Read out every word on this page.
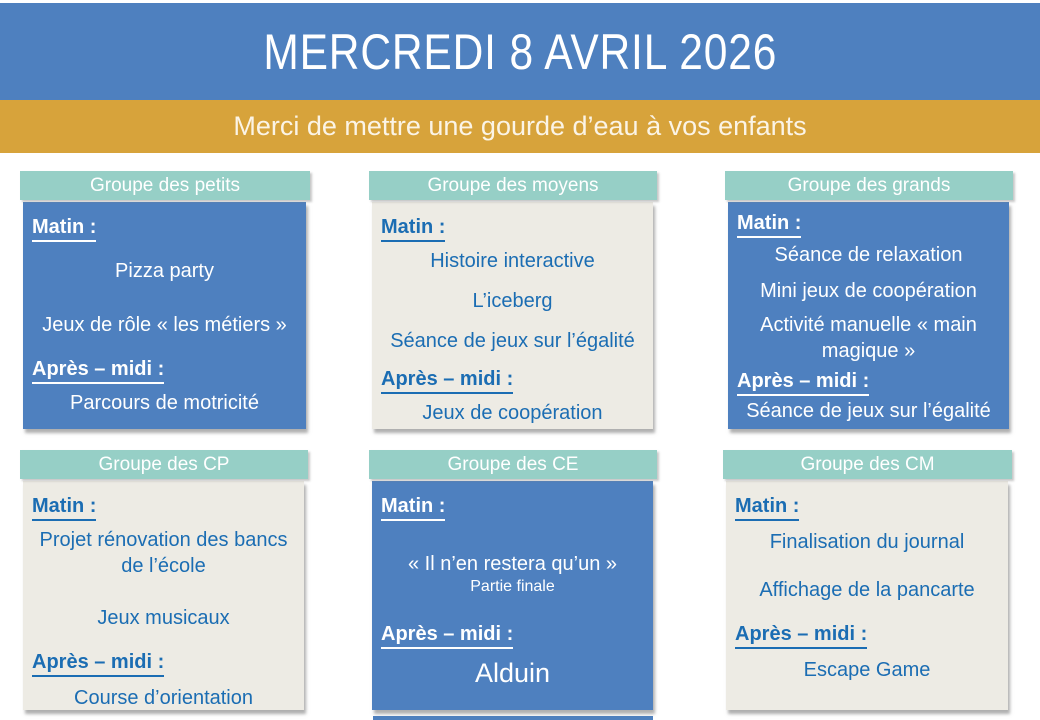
MERCREDI 8 AVRIL 2026
Merci de mettre une gourde d’eau à vos enfants
Groupe des petits
Matin :
Pizza party
Jeux de rôle « les métiers »
Après – midi :
Parcours de motricité
Groupe des moyens
Matin :
Histoire interactive
L’iceberg
Séance de jeux sur l’égalité
Après – midi :
Jeux de coopération
Groupe des grands
Matin :
Séance de relaxation
Mini jeux de coopération
Activité manuelle « main magique »
Après – midi :
Séance de jeux sur l’égalité
Groupe des CP
Matin :
Projet rénovation des bancs de l’école
Jeux musicaux
Après – midi :
Course d’orientation
Groupe des CE
Matin :
« Il n’en restera qu’un »
Partie finale
Après – midi :
Alduin
Groupe des CM
Matin :
Finalisation du journal
Affichage de la pancarte
Après – midi :
Escape Game
